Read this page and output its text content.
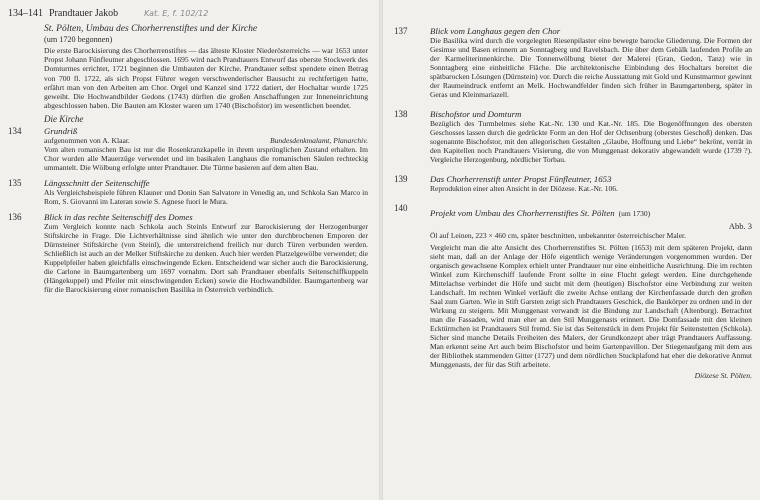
134–141 Prandtauer Jakob	Kat. E, f. 102/12
St. Pölten, Umbau des Chorherrenstiftes und der Kirche
(um 1720 begonnen)
Die erste Barockisierung des Chorherrenstiftes — das älteste Kloster Niederösterreichs — war 1653 unter Propst Johann Fünfleutner abgeschlossen. 1695 wird nach Prandtauers Entwurf das oberste Stockwerk des Domturmes errichtet, 1721 beginnen die Umbauten der Kirche. Prandtauer selbst spendete einen Betrag von 700 fl. 1722, als sich Propst Führer wegen verschwenderischer Bausucht zu rechtfertigen hatte, erfährt man von den Arbeiten am Chor. Orgel und Kanzel sind 1722 datiert, der Hochaltar wurde 1725 geweiht. Die Hochwandbilder Gedons (1743) dürften die großen Anschaffungen zur Inneneinrichtung abgeschlossen haben. Die Bauten am Kloster waren um 1740 (Bischofstor) im wesentlichen beendet.
Die Kirche
134	Grundriß
aufgenommen von A. Klaar.	Bundesdenkmalamt, Planarchiv.
Vom alten romanischen Bau ist nur die Rosenkranzkapelle in ihrem ursprünglichen Zustand erhalten. Im Chor wurden alle Mauerzüge verwendet und im basikalen Langhaus die romanischen Säulen rechteckig ummantelt. Die Wölbung erfolgte unter Prandtauer. Die Türme basieren auf dem alten Bau.
135	Längsschnitt der Seitenschiffe
Als Vergleichsbeispiele führen Klauner und Donin San Salvatore in Venedig an, und Schkola San Marco in Rom, S. Giovanni im Lateran sowie S. Agnese fuori le Mura.
136	Blick in das rechte Seitenschiff des Domes
Zum Vergleich konnte nach Schkola auch Steinls Entwurf zur Barockisierung der Herzogenburger Stiftskirche in Frage. Die Lichtverhältnisse sind ähnlich wie unter den durchbrochenen Emporen der Dürnsteiner Stiftskirche (von Steinl), die unterstreichend freilich nur durch Türen verbunden werden. Schließlich ist auch an der Melker Stiftskirche zu denken. Auch hier werden Platzelgewölbe verwendet; die Kuppelpfeiler haben gleichfalls einschwingende Ecken. Entscheidend war sicher auch die Barockisierung, die Carlone in Baumgartenberg um 1697 vornahm. Dort sah Prandtauer ebenfalls Seitenschiffkuppeln (Hängekuppel) und Pfeiler mit einschwingenden Ecken) sowie die Hochwandbilder. Baumgartenberg war für die Barockisierung einer romanischen Basilika in Österreich verbindlich.
137	Blick vom Langhaus gegen den Chor
Die Basilika wird durch die vorgelegten Riesenpilaster eine bewegte barocke Gliederung. Die Formen der Gesimse und Basen erinnern an Sonntagberg und Ravelsbach. Die über dem Gebälk laufenden Profile an der Karmeliterinnenkirche. Die Tonnenwölbung bietet der Malerei (Gran, Gedon, Tanz) wie in Sonntagberg eine einheitliche Fläche. Die architektonische Einbindung des Hochaltars bereitet die spätbarocken Lösungen (Dürnstein) vor. Durch die reiche Ausstattung mit Gold und Kunstmarmor gewinnt der Raumeindruck entfernt an Melk. Hochwandfelder finden sich früher in Baumgartenberg, später in Geras und Kleinmariazell.
138	Bischofstor und Domturm
Bezüglich des Turmhelmes siehe Kat.-Nr. 130 und Kat.-Nr. 185. Die Bogenöffnungen des obersten Geschosses lassen durch die gedrückte Form an den Hof der Ochsenburg (oberstes Geschoß) denken. Das sogenannte Bischofstor, mit den allegorischen Gestalten „Glaube, Hoffnung und Liebe“ bekrönt, verrät in den Kapitellen noch Prandtauers Visierung, die von Munggenast dekorativ abgewandelt wurde (1739 ?). Vergleiche Herzogenburg, nördlicher Torbau.
139	Das Chorherrenstift unter Propst Fünfleutner, 1653
Reproduktion einer alten Ansicht in der Diözese. Kat.-Nr. 106.
140	Projekt vom Umbau des Chorherrenstiftes St. Pölten (um 1730)
Abb. 3
Öl auf Leinen, 223 × 460 cm, später beschnitten, unbekannter österreichischer Maler.
Vergleicht man die alte Ansicht des Chorherrenstiftes St. Pölten (1653) mit dem späteren Projekt, dann sieht man, daß an der Anlage der Höfe eigentlich wenige Veränderungen vorgenommen wurden. Der organisch gewachsene Komplex erhielt unter Prandtauer nur eine einheitliche Ausrichtung. Die im rechten Winkel zum Kirchenschiff laufende Front sollte in eine Flucht gelegt werden. Eine durchgehende Mittelachse verbindet die Höfe und sucht mit dem (heutigen) Bischofstor eine Verbindung zur weiten Landschaft. Im rechten Winkel verläuft die zweite Achse entlang der Kirchenfassade durch den großen Saal zum Garten. Wie in Stift Garsten zeigt sich Prandtauers Geschick, die Baukörper zu ordnen und in der Wirkung zu steigern. Mit Munggenast verwandt ist die Bindung zur Landschaft (Altenburg). Betrachtet man die Fassaden, wird man eher an den Stil Munggenasts erinnert. Die Domfassade mit den kleinen Ecktürmchen ist Prandtauers Stil fremd. Sie ist das Seitenstück in dem Projekt für Seitenstetten (Schkola). Sicher sind manche Details Freiheiten des Malers, der Grundkonzept aber trägt Prandtauers Auffassung. Man erkennt seine Art auch beim Bischofstor und beim Gartenpavillon. Der Stiegenaufgang mit dem aus der Bibliothek stammenden Gitter (1727) und dem nördlichen Stuckplafond hat eher die dekorative Anmut Munggenasts, der für das Stift arbeitete.
Diözese St. Pölten.
